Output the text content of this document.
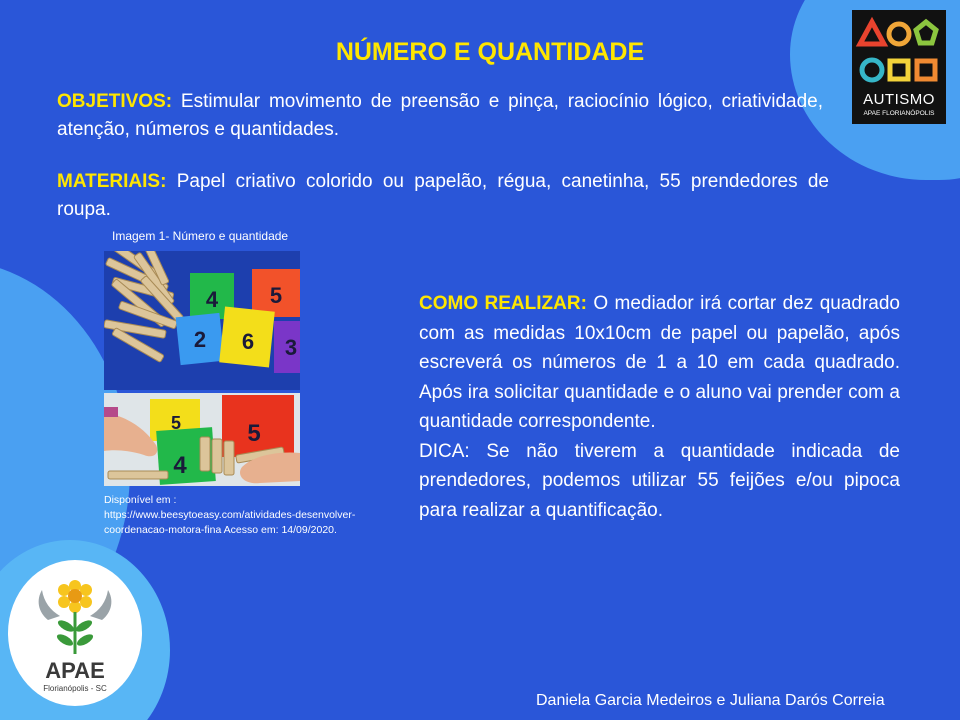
NÚMERO E QUANTIDADE
OBJETIVOS: Estimular movimento de preensão e pinça, raciocínio lógico, criatividade, atenção, números e quantidades.
MATERIAIS: Papel criativo colorido ou papelão, régua, canetinha, 55 prendedores de roupa.
Imagem 1- Número e quantidade
4 5
2 6 3
5	5
4
Disponível em :
https://www.beesytoeasy.com/atividades-desenvolver-coordenacao-motora-fina Acesso em: 14/09/2020.
COMO REALIZAR: O mediador irá cortar dez quadrado com as medidas 10x10cm de papel ou papelão, após escreverá os números de 1 a 10 em cada quadrado. Após ira solicitar quantidade e o aluno vai prender com a quantidade correspondente.
DICA: Se não tiverem a quantidade indicada de prendedores, podemos utilizar 55 feijões e/ou pipoca para realizar a quantificação.
AUTISMO
APAE FLORIANÓPOLIS
APAE
Florianópolis - SC
Daniela Garcia Medeiros e Juliana Darós Correia
